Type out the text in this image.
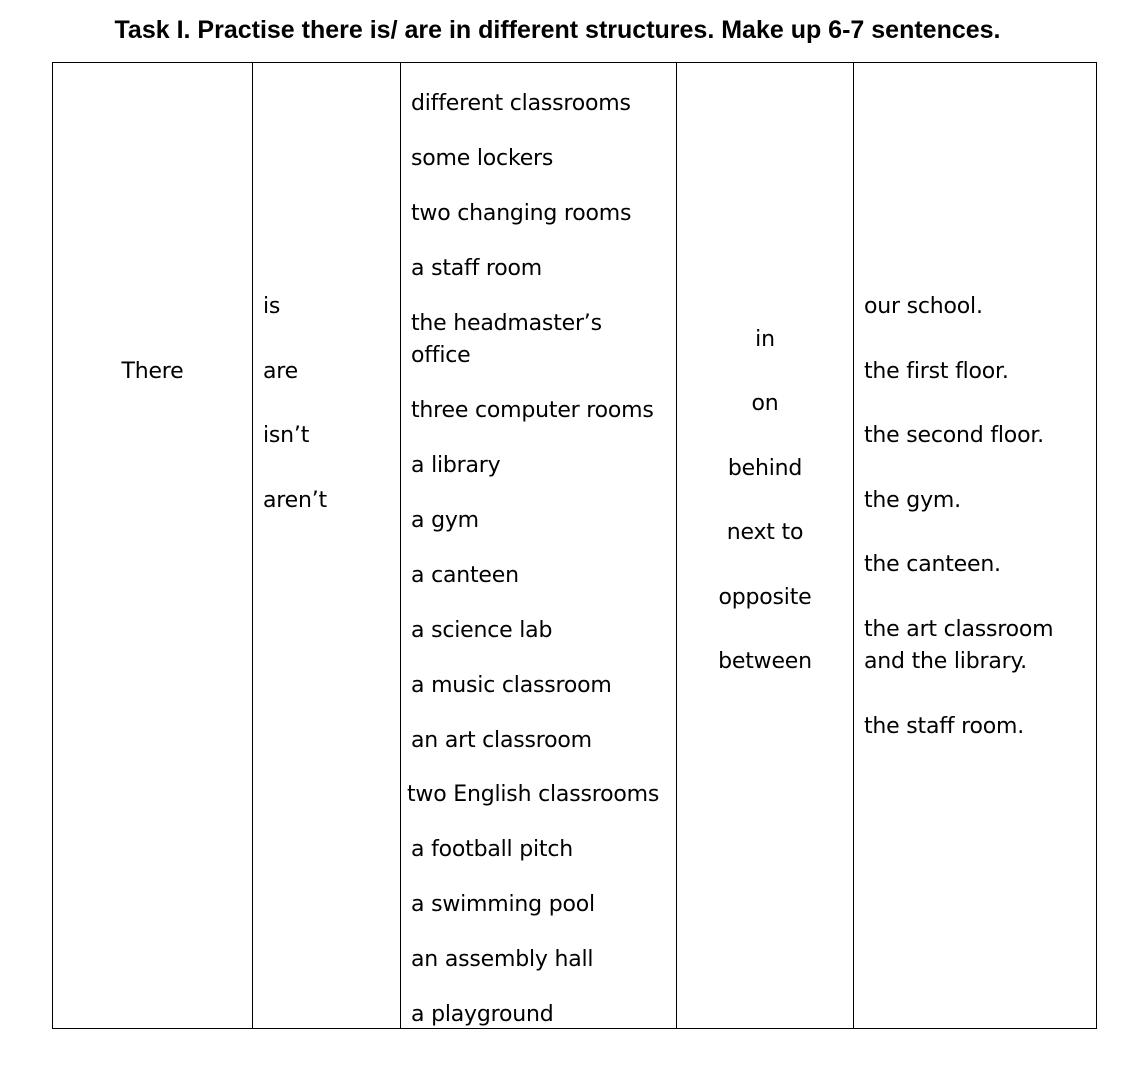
Task I. Practise there is/ are in different structures. Make up 6-7 sentences.
There
is
are
isn’t
aren’t
different classrooms
some lockers
two changing rooms
a staff room
the headmaster’s office
three computer rooms
a library
a gym
a canteen
a science lab
a music classroom
an art classroom
two English classrooms
a football pitch
a swimming pool
an assembly hall
a playground
in
on
behind
next to
opposite
between
our school.
the first floor.
the second floor.
the gym.
the canteen.
the art classroom and the library.
the staff room.
